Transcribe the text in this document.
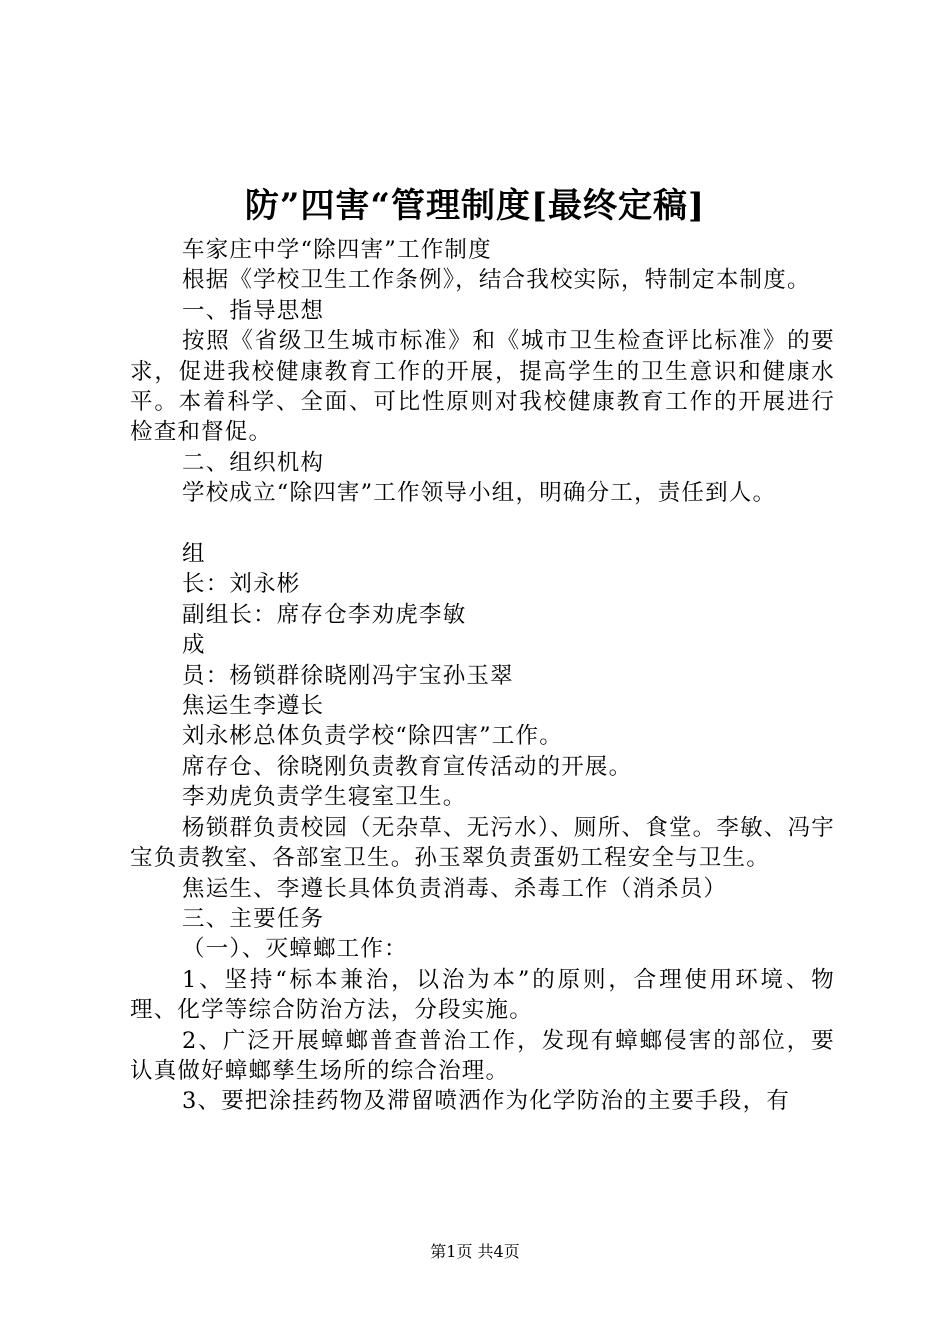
防”四害“管理制度[最终定稿]

车家庄中学“除四害”工作制度

根据《学校卫生工作条例》，结合我校实际，特制定本制度。

一、指导思想

按照《省级卫生城市标准》和《城市卫生检查评比标准》的要求，促进我校健康教育工作的开展，提高学生的卫生意识和健康水平。本着科学、全面、可比性原则对我校健康教育工作的开展进行检查和督促。

二、组织机构

学校成立“除四害”工作领导小组，明确分工，责任到人。

组

长：刘永彬

副组长：席存仓李劝虎李敏

成

员：杨锁群徐晓刚冯宇宝孙玉翠

焦运生李遵长

刘永彬总体负责学校“除四害”工作。

席存仓、徐晓刚负责教育宣传活动的开展。

李劝虎负责学生寝室卫生。

杨锁群负责校园（无杂草、无污水）、厕所、食堂。李敏、冯宇宝负责教室、各部室卫生。孙玉翠负责蛋奶工程安全与卫生。

焦运生、李遵长具体负责消毒、杀毒工作（消杀员）

三、主要任务

（一）、灭蟑螂工作：

1、坚持“标本兼治，以治为本”的原则，合理使用环境、物理、化学等综合防治方法，分段实施。

2、广泛开展蟑螂普查普治工作，发现有蟑螂侵害的部位，要认真做好蟑螂孳生场所的综合治理。

3、要把涂挂药物及滞留喷洒作为化学防治的主要手段，有

第1页 共4页
